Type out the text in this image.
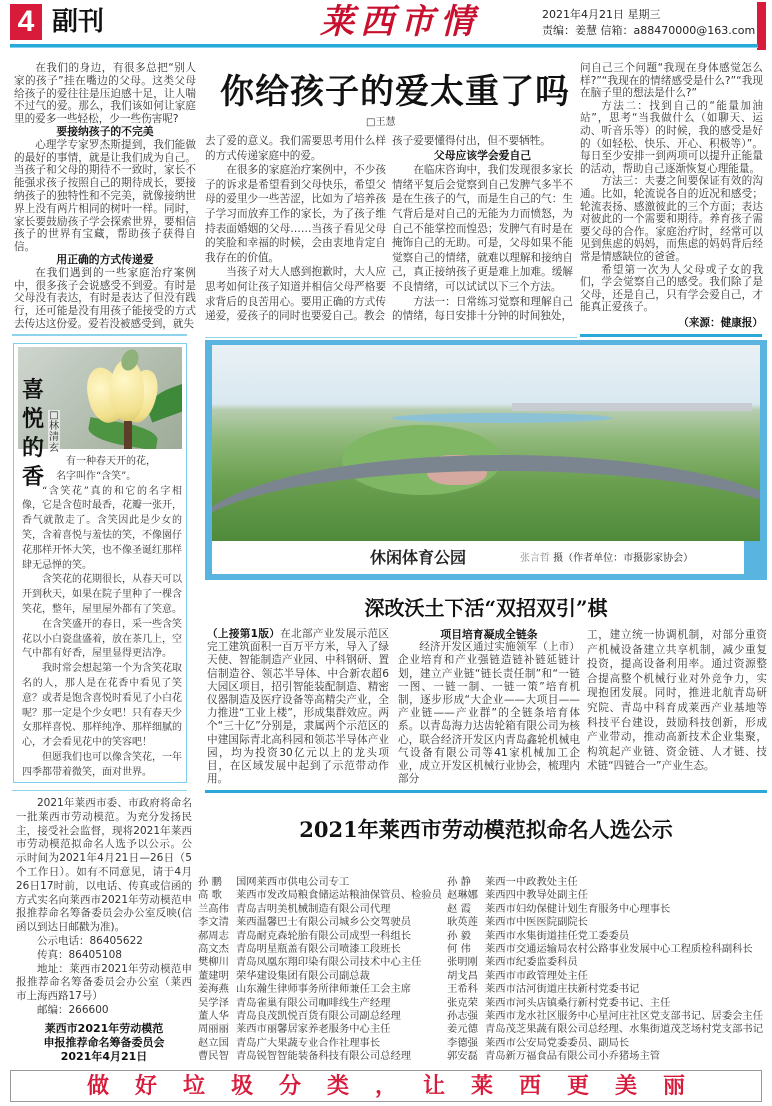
4 副刊	莱西市情	2021年4月21日 星期三
责编：姜慧 信箱：a88470000@163.com
你给孩子的爱太重了吗
□王慧

在我们的身边，有很多总把“别人家的孩子”挂在嘴边的父母。这类父母给孩子的爱往往是压迫感十足，让人喘不过气的爱。那么，我们该如何让家庭里的爱多一些轻松，少一些伤害呢?

要接纳孩子的不完美

心理学专家罗杰斯提到，我们能做的最好的事情，就是让我们成为自己。当孩子和父母的期待不一致时，家长不能强求孩子按照自己的期待成长，要接纳孩子的独特性和不完美，就像接纳世界上没有两片相同的树叶一样。同时，家长要鼓励孩子学会探索世界，要相信孩子的世界有宝藏，帮助孩子获得自信。

用正确的方式传递爱

在我们遇到的一些家庭治疗案例中，很多孩子会说感受不到爱。有时是父母没有表达，有时是表达了但没有践行，还可能是没有用孩子能接受的方式去传达这份爱。爱若没被感受到，就失

去了爱的意义。我们需要思考用什么样的方式传递家庭中的爱。

在很多的家庭治疗案例中，不少孩子的诉求是希望看到父母快乐，希望父母的爱里少一些苦涩，比如为了培养孩子学习而放弃工作的家长，为了孩子维持表面婚姻的父母……当孩子看见父母的笑脸和幸福的时候，会由衷地肯定自我存在的价值。

当孩子对大人感到抱歉时，大人应思考如何让孩子知道并相信父母严格要求背后的良苦用心。要用正确的方式传递爱，爱孩子的同时也要爱自己。教会

孩子爱要懂得付出，但不要牺牲。
父母应该学会爱自己

在临床咨询中，我们发现很多家长情绪平复后会觉察到自己发脾气多半不是在生孩子的气，而是生自己的气：生气背后是对自己的无能为力而愤怒，为自己不能掌控而惶恐；发脾气有时是在掩饰自己的无助。可是，父母如果不能觉察自己的情绪，就难以理解和接纳自己，真正接纳孩子更是难上加难。缓解不良情绪，可以试试以下三个方法。

方法一：日常练习觉察和理解自己的情绪，每日安排十分钟的时间独处，

问自己三个问题“我现在身体感觉怎么样?”“我现在的情绪感受是什么?”“我现在脑子里的想法是什么?”

方法二：找到自己的“能量加油站”，思考“当我做什么（如聊天、运动、听音乐等）的时候，我的感受是好的（如轻松、快乐、开心、积极等）”。每日至少安排一到两项可以提升正能量的活动，帮助自己逐渐恢复心理能量。

方法三：夫妻之间要保证有效的沟通。比如，轮流说各自的近况和感受；轮流表扬、感激彼此的三个方面；表达对彼此的一个需要和期待。养育孩子需要父母的合作。家庭治疗时，经常可以见到焦虑的妈妈，而焦虑的妈妈背后经常是情感缺位的爸爸。

希望第一次为人父母或子女的我们，学会觉察自己的感受。我们除了是父母，还是自己，只有学会爱自己，才能真正爱孩子。

（来源：健康报）
喜悦的香
□林清玄

有一种春天开的花，

名字叫作“含笑”。

“含笑花”真的和它的名字相像，它是含苞时最香，花瓣一张开，香气就散走了。含笑因此是少女的笑，含着喜悦与羞怯的笑，不像園仔花那样开怀大笑，也不像圣诞红那样肆无忌惮的笑。

含笑花的花期很长，从春天可以开到秋天，如果在院子里种了一棵含笑花，整年，屋里屋外都有了笑意。

在含笑盛开的春日，采一些含笑花以小白瓷盘盛着，放在茶几上，空气中都有好香，屋里显得更洁净。

我时常会想起第一个为含笑花取名的人，那人是在花香中看见了笑意？或者是饱含喜悦时看见了小白花呢？那一定是个少女吧！只有春天少女那样喜悦、那样纯净、那样细腻的心，才会看见花中的笑容吧！

但愿我们也可以像含笑花，一年四季都带着微笑，面对世界。

休闲体育公园	张言哲 摄（作者单位：市摄影家协会）
深改沃土下活“双招双引”棋
（上接第1版）在北部产业发展示范区完工建筑面积一百万平方米，导入了绿天使、智能制造产业园、中科钢研、置信制造谷、领芯半导体、中合新农超6大园区项目，招引智能装配制造、精密仪器制造及医疗设备等高精尖产业，全力推进“工业上楼”，形成集群效应。两个“三十亿”分别是，隶属两个示范区的中建国际青北高科园和领芯半导体产业园，均为投资30亿元以上的龙头项目，在区域发展中起到了示范带动作用。
项目培育凝成全链条

经济开发区通过实施领军（上市）企业培育和产业强链造链补链延链计划，建立产业链“链长责任制”和“一链一图、一链一制、一链一策”培育机制，逐步形成“大企业——大项目——产业链——产业群”的全链条培育体系。以青岛海力达齿轮箱有限公司为核心，联合经济开发区内青岛鑫轮机械电气设备有限公司等41家机械加工企业，成立开发区机械行业协会，梳理内部分

工，建立统一协调机制，对部分重资产机械设备建立共享机制，减少重复投资，提高设备利用率。通过资源整合提高整个机械行业对外竞争力，实现抱团发展。同时，推进北航青岛研究院、青岛中科育成莱西产业基地等科技平台建设，鼓励科技创新，形成产业带动，推动高新技术企业集聚，构筑起产业链、资金链、人才链、技术链“四链合一”产业生态。
2021年莱西市劳动模范拟命名人选公示

2021年莱西市委、市政府将命名一批莱西市劳动模范。为充分发扬民主，接受社会监督，现将2021年莱西市劳动模范拟命名人选予以公示。公示时间为2021年4月21日—26日（5个工作日）。如有不同意见，请于4月26日17时前，以电话、传真或信函的方式实名向莱西市2021年劳动模范申报推荐命名筹备委员会办公室反映(信函以到达日邮戳为准)。

公示电话：86405622

传真：86405108

地址：莱西市2021年劳动模范申报推荐命名筹备委员会办公室（莱西市上海西路17号）

邮编：266600

莱西市2021年劳动模范
申报推荐命名筹备委员会
2021年4月21日
孙 鹏 国网莱西市供电公司专工
高 歌 莱西市发改局粮食储运站粮油保管员、检验员
兰高伟 青岛吉明美机械制造有限公司代理
李文清 莱西温馨巴士有限公司城乡公交驾驶员
郝周志 青岛耐克森轮胎有限公司成型一科组长
高文杰 青岛明星瓶盖有限公司喷漆工段班长
樊柳川 青岛凤凰东翔印染有限公司技术中心主任
董建明 荣华建设集团有限公司副总裁
姜海燕 山东瀚生律师事务所律师兼任工会主席
吴学泽 青岛雀巢有限公司咖啡线生产经理
董人华 青岛良茂凯悦百货有限公司副总经理
周丽丽 莱西市丽馨居家养老服务中心主任
赵立国 青岛广大果蔬专业合作社理事长
曹民智 青岛锐智智能装备科技有限公司总经理
孙 静 莱西一中政教处主任
赵琳娜 莱西四中教导处副主任
赵 霞 莱西市妇幼保健计划生育服务中心理事长
耿英莲 莱西市中医医院副院长
孙 毅 莱西市水集街道挂任党工委委员
何 伟 莱西市交通运输局农村公路事业发展中心工程质检科副科长
张明刚 莱西市纪委监委科员
胡戈昌 莱西市市政管理处主任
王希科 莱西市沽河街道庄扶新村党委书记
张克荣 莱西市河头店镇桑行新村党委书记、主任
孙志强 莱西市龙水社区服务中心星河庄社区党支部书记、居委会主任
姜元德 青岛茂芝果蔬有限公司总经理、水集街道茂芝场村党支部书记
李德强 莱西市公安局党委委员、副局长
郭安磊 青岛新万福食品有限公司小乔猪场主管
做好垃圾分类，让莱西更美丽
